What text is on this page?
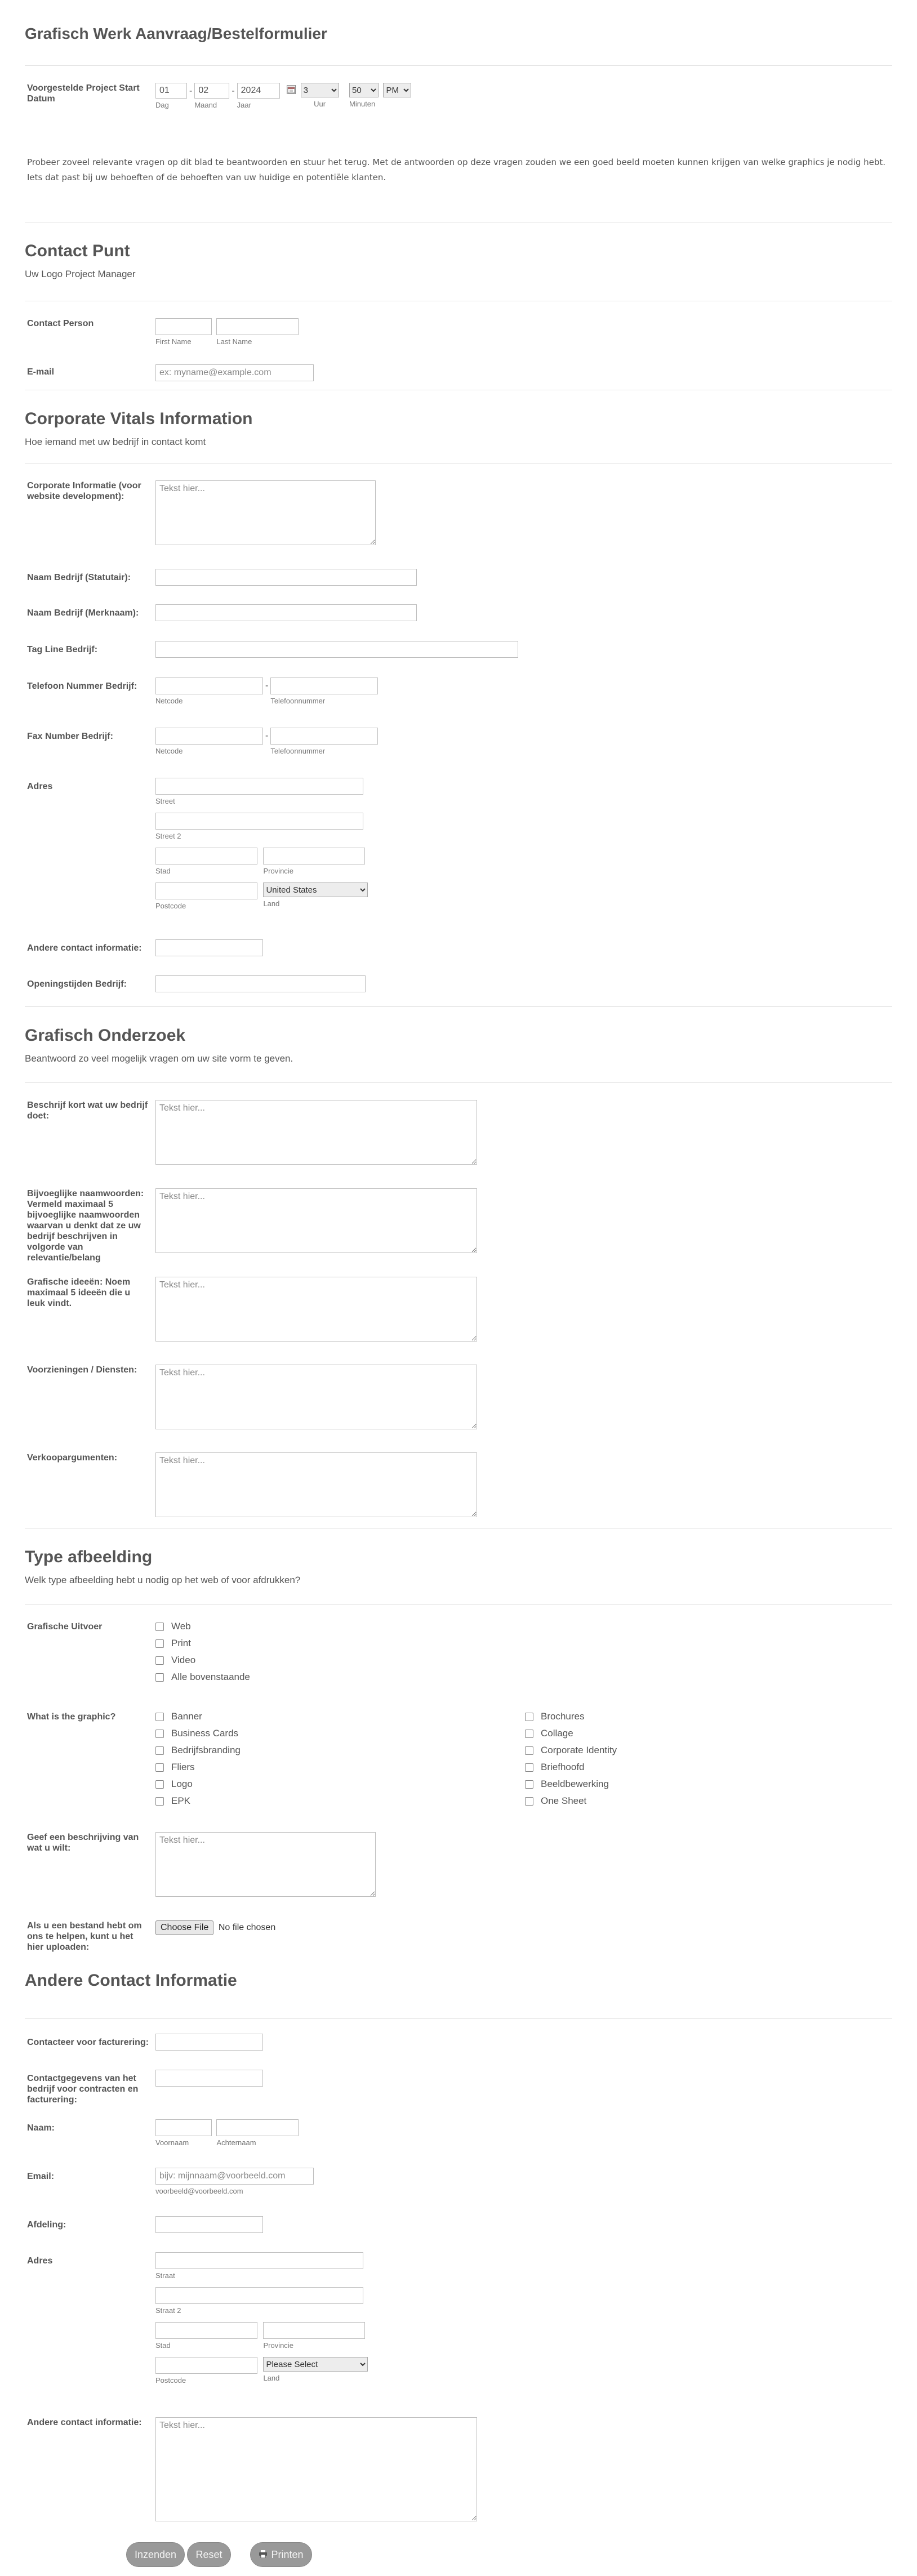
Grafisch Werk Aanvraag/Bestelformulier
Voorgestelde Project Start Datum
01
Dag
-02
Maand
-2024
Jaar

3	Uur

50	Minuten

PM
Probeer zoveel relevante vragen op dit blad te beantwoorden en stuur het terug. Met de antwoorden op deze vragen zouden we een goed beeld moeten kunnen krijgen van welke graphics je nodig hebt. Iets dat past bij uw behoeften of de behoeften van uw huidige en potentiële klanten.
Contact Punt

Uw Logo Project Manager

Contact Person
First Name
	Last Name
E-mail
ex: myname@example.com
Corporate Vitals Information

Hoe iemand met uw bedrijf in contact komt

Corporate Informatie (voor website development):
Tekst hier...
Naam Bedrijf (Statutair):
Naam Bedrijf (Merknaam):
Tag Line Bedrijf:
Telefoon Nummer Bedrijf:
Netcode
-
Telefoonnummer
Fax Number Bedrijf:
Netcode
-
Telefoonnummer
Adres
Street
Street 2
Stad
	Provincie
Postcode

United States	Land
Andere contact informatie:
Openingstijden Bedrijf:
Grafisch Onderzoek

Beantwoord zo veel mogelijk vragen om uw site vorm te geven.

Beschrijf kort wat uw bedrijf doet:
Tekst hier...
Bijvoeglijke naamwoorden: Vermeld maximaal 5 bijvoeglijke naamwoorden waarvan u denkt dat ze uw bedrijf beschrijven in volgorde van relevantie/belang
Tekst hier...
Grafische ideeën: Noem maximaal 5 ideeën die u leuk vindt.
Tekst hier...
Voorzieningen / Diensten:
Tekst hier...
Verkoopargumenten:
Tekst hier...
Type afbeelding

Welk type afbeelding hebt u nodig op het web of voor afdrukken?

Grafische Uitvoer	Web
Print
Video
Alle bovenstaande
What is the graphic?	Banner
Business Cards
Bedrijfsbranding
Fliers
Logo
EPK
Brochures
Collage
Corporate Identity
Briefhoofd
Beeldbewerking
One Sheet
Geef een beschrijving van wat u wilt:
Tekst hier...
Als u een bestand hebt om ons te helpen, kunt u het hier uploaden:
Choose File No file chosen
Andere Contact Informatie
Contacteer voor facturering:
Contactgegevens van het bedrijf voor contracten en facturering:
Naam:
Voornaam
	Achternaam
Email:
bijv: mijnnaam@voorbeeld.com
voorbeeld@voorbeeld.com
Afdeling:
Adres
Straat
Straat 2
Stad
	Provincie
Postcode

Please Select	Land
Andere contact informatie:
Tekst hier...
Inzenden	Reset	Printen
